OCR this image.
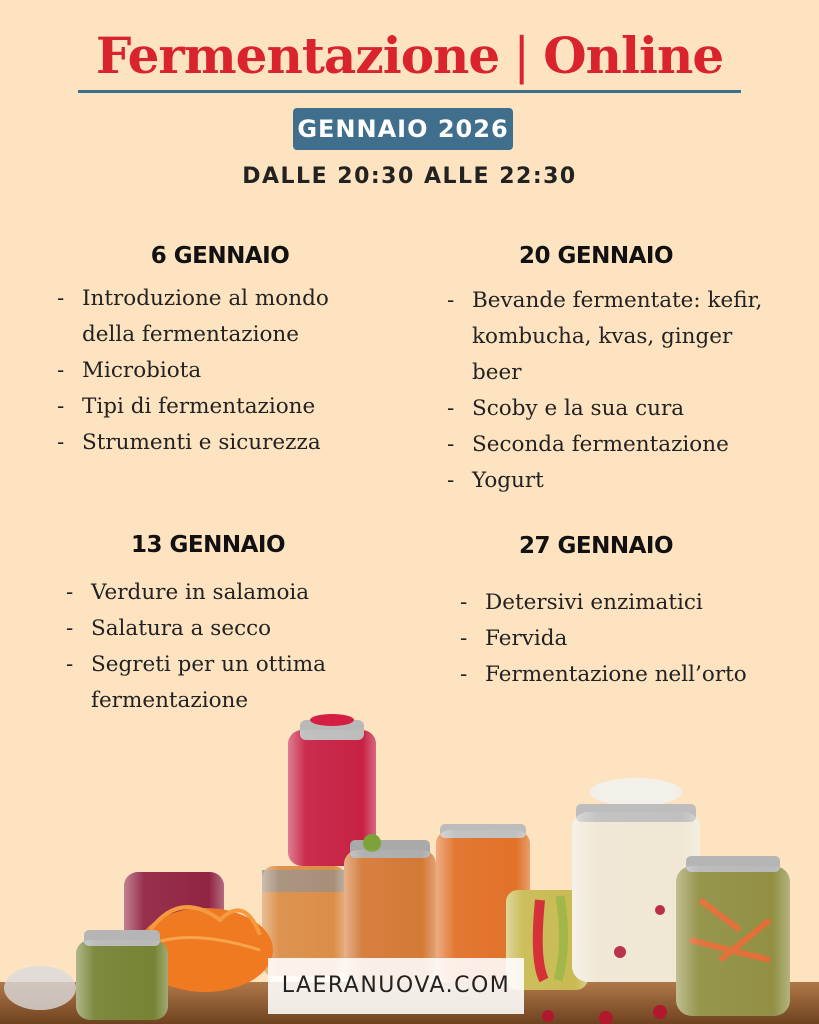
Fermentazione | Online
GENNAIO 2026
DALLE 20:30 ALLE 22:30
6 GENNAIO
- Introduzione al mondo della fermentazione
- Microbiota
- Tipi di fermentazione
- Strumenti e sicurezza
20 GENNAIO
- Bevande fermentate: kefir, kombucha, kvas, ginger beer
- Scoby e la sua cura
- Seconda fermentazione
- Yogurt
13 GENNAIO
- Verdure in salamoia
- Salatura a secco
- Segreti per un ottima fermentazione
27 GENNAIO
- Detersivi enzimatici
- Fervida
- Fermentazione nell’orto
LAERANUOVA.COM
